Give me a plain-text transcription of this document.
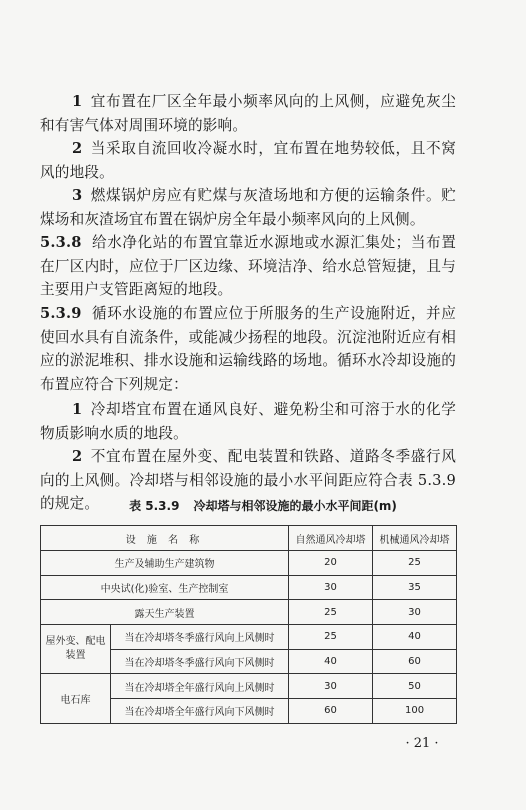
1 宜布置在厂区全年最小频率风向的上风侧，应避免灰尘和有害气体对周围环境的影响。

2 当采取自流回收冷凝水时，宜布置在地势较低，且不窝风的地段。

3 燃煤锅炉房应有贮煤与灰渣场地和方便的运输条件。贮煤场和灰渣场宜布置在锅炉房全年最小频率风向的上风侧。

5.3.8 给水净化站的布置宜靠近水源地或水源汇集处；当布置在厂区内时，应位于厂区边缘、环境洁净、给水总管短捷，且与主要用户支管距离短的地段。

5.3.9 循环水设施的布置应位于所服务的生产设施附近，并应使回水具有自流条件，或能减少扬程的地段。沉淀池附近应有相应的淤泥堆积、排水设施和运输线路的场地。循环水冷却设施的布置应符合下列规定：

1 冷却塔宜布置在通风良好、避免粉尘和可溶于水的化学物质影响水质的地段。

2 不宜布置在屋外变、配电装置和铁路、道路冬季盛行风向的上风侧。冷却塔与相邻设施的最小水平间距应符合表 5.3.9 的规定。	表 5.3.9 冷却塔与相邻设施的最小水平间距(m)
设 施 名 称		自然通风冷却塔	机械通风冷却塔
生产及辅助生产建筑物		20	25
中央试(化)验室、生产控制室		30	35
露天生产装置		25	30
屋外变、配电装置	当在冷却塔冬季盛行风向上风侧时	25	40
	当在冷却塔冬季盛行风向下风侧时	40	60
电石库	当在冷却塔全年盛行风向上风侧时	30	50
	当在冷却塔全年盛行风向下风侧时	60	100
· 21 ·
